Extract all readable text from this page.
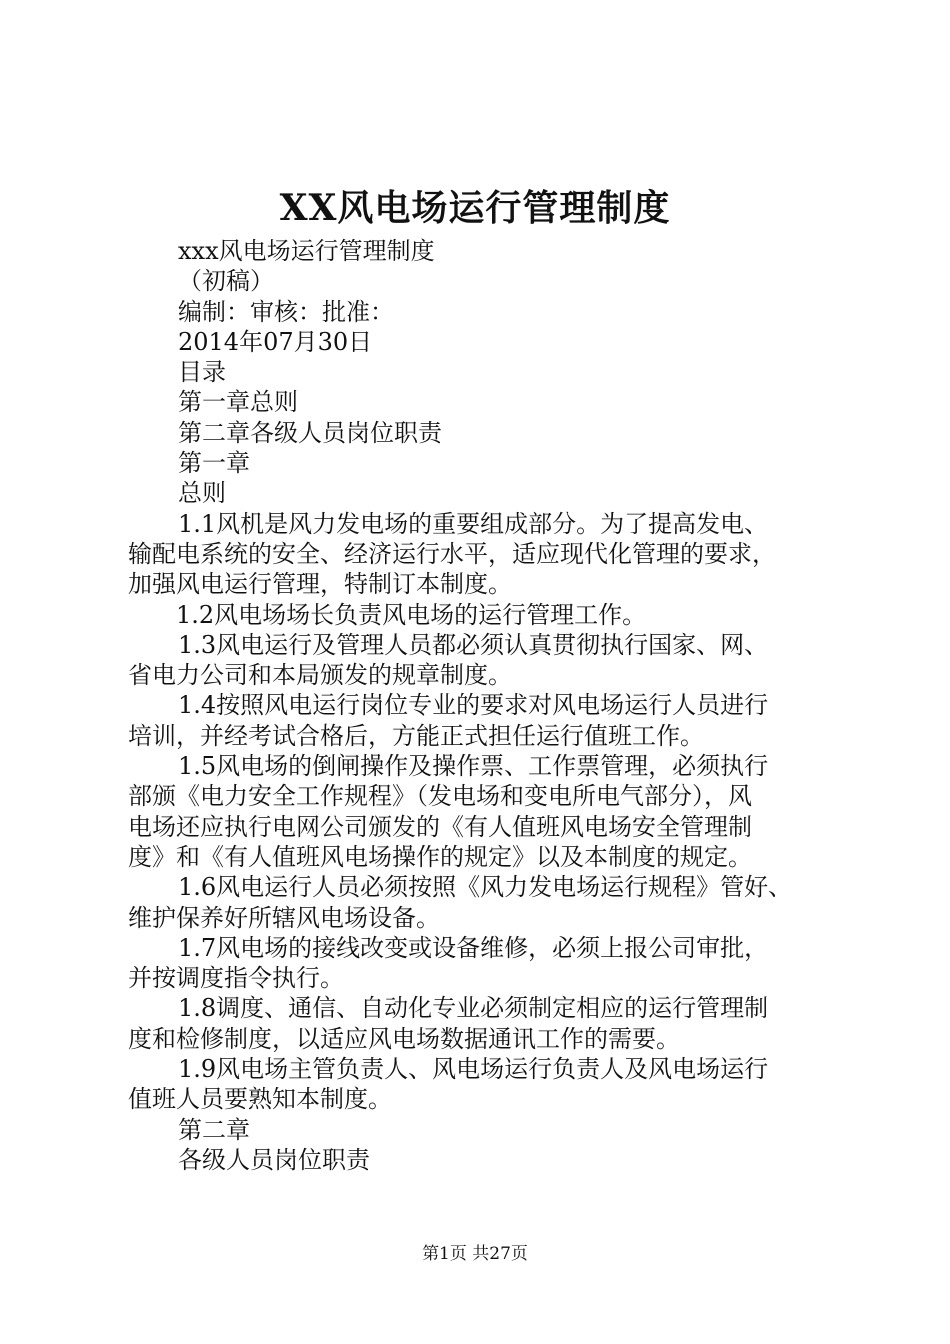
XX风电场运行管理制度
xxx风电场运行管理制度
（初稿）
编制：审核：批准：
2014年07月30日
目录
第一章总则
第二章各级人员岗位职责
第一章
总则
1.1风机是风力发电场的重要组成部分。为了提高发电、
输配电系统的安全、经济运行水平，适应现代化管理的要求，
加强风电运行管理，特制订本制度。
1.2风电场场长负责风电场的运行管理工作。
1.3风电运行及管理人员都必须认真贯彻执行国家、网、
省电力公司和本局颁发的规章制度。
1.4按照风电运行岗位专业的要求对风电场运行人员进行
培训，并经考试合格后，方能正式担任运行值班工作。
1.5风电场的倒闸操作及操作票、工作票管理，必须执行
部颁《电力安全工作规程》（发电场和变电所电气部分），风
电场还应执行电网公司颁发的《有人值班风电场安全管理制
度》和《有人值班风电场操作的规定》以及本制度的规定。
1.6风电运行人员必须按照《风力发电场运行规程》管好、
维护保养好所辖风电场设备。
1.7风电场的接线改变或设备维修，必须上报公司审批，
并按调度指令执行。
1.8调度、通信、自动化专业必须制定相应的运行管理制
度和检修制度，以适应风电场数据通讯工作的需要。
1.9风电场主管负责人、风电场运行负责人及风电场运行
值班人员要熟知本制度。
第二章
各级人员岗位职责
第1页 共27页
